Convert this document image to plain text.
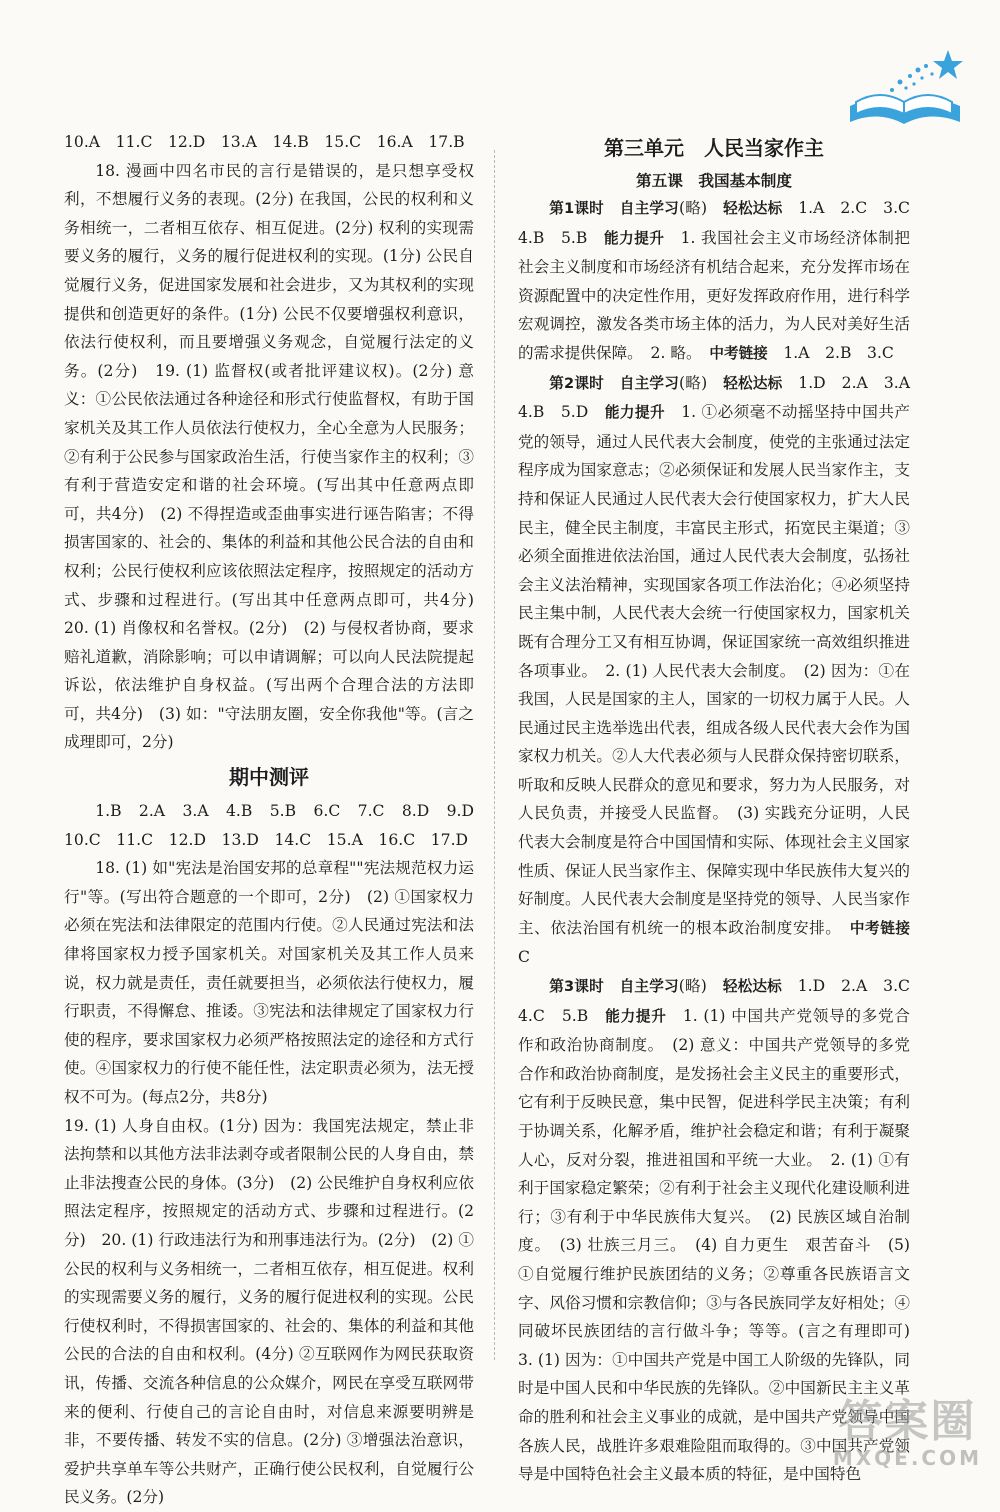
10.A　11.C　12.D　13.A　14.B　15.C　16.A　17.B

18. 漫画中四名市民的言行是错误的，是只想享受权利，不想履行义务的表现。(2分) 在我国，公民的权利和义务相统一，二者相互依存、相互促进。(2分) 权利的实现需要义务的履行，义务的履行促进权利的实现。(1分) 公民自觉履行义务，促进国家发展和社会进步，又为其权利的实现提供和创造更好的条件。(1分) 公民不仅要增强权利意识，依法行使权利，而且要增强义务观念，自觉履行法定的义务。(2分)　19. (1) 监督权(或者批评建议权)。(2分) 意义：①公民依法通过各种途径和形式行使监督权，有助于国家机关及其工作人员依法行使权力，全心全意为人民服务；②有利于公民参与国家政治生活，行使当家作主的权利；③有利于营造安定和谐的社会环境。(写出其中任意两点即可，共4分)　(2) 不得捏造或歪曲事实进行诬告陷害；不得损害国家的、社会的、集体的利益和其他公民合法的自由和权利；公民行使权利应该依照法定程序，按照规定的活动方式、步骤和过程进行。(写出其中任意两点即可，共4分)　20. (1) 肖像权和名誉权。(2分)　(2) 与侵权者协商，要求赔礼道歉，消除影响；可以申请调解；可以向人民法院提起诉讼，依法维护自身权益。(写出两个合理合法的方法即可，共4分)　(3) 如："守法朋友圈，安全你我他"等。(言之成理即可，2分)

期中测评

1.B　2.A　3.A　4.B　5.B　6.C　7.C　8.D　9.D　10.C　11.C　12.D　13.D　14.C　15.A　16.C　17.D

18. (1) 如"宪法是治国安邦的总章程""宪法规范权力运行"等。(写出符合题意的一个即可，2分)　(2) ①国家权力必须在宪法和法律限定的范围内行使。②人民通过宪法和法律将国家权力授予国家机关。对国家机关及其工作人员来说，权力就是责任，责任就要担当，必须依法行使权力，履行职责，不得懈怠、推诿。③宪法和法律规定了国家权力行使的程序，要求国家权力必须严格按照法定的途径和方式行使。④国家权力的行使不能任性，法定职责必须为，法无授权不可为。(每点2分，共8分)

19. (1) 人身自由权。(1分) 因为：我国宪法规定，禁止非法拘禁和以其他方法非法剥夺或者限制公民的人身自由，禁止非法搜查公民的身体。(3分)　(2) 公民维护自身权利应依照法定程序，按照规定的活动方式、步骤和过程进行。(2分)　20. (1) 行政违法行为和刑事违法行为。(2分)　(2) ①公民的权利与义务相统一，二者相互依存，相互促进。权利的实现需要义务的履行，义务的履行促进权利的实现。公民行使权利时，不得损害国家的、社会的、集体的利益和其他公民的合法的自由和权利。(4分) ②互联网作为网民获取资讯，传播、交流各种信息的公众媒介，网民在享受互联网带来的便利、行使自己的言论自由时，对信息来源要明辨是非，不要传播、转发不实的信息。(2分) ③增强法治意识，爱护共享单车等公共财产，正确行使公民权利，自觉履行公民义务。(2分)

第三单元　人民当家作主
第五课　我国基本制度

第1课时　 自主学习(略)　 轻松达标　 1.A　2.C　3.C　4.B　5.B　 能力提升　 1. 我国社会主义市场经济体制把社会主义制度和市场经济有机结合起来，充分发挥市场在资源配置中的决定性作用，更好发挥政府作用，进行科学宏观调控，激发各类市场主体的活力，为人民对美好生活的需求提供保障。　2. 略。　 中考链接　 1.A　2.B　3.C

第2课时　 自主学习(略)　 轻松达标　 1.D　2.A　3.A　4.B　5.D　 能力提升　 1. ①必须毫不动摇坚持中国共产党的领导，通过人民代表大会制度，使党的主张通过法定程序成为国家意志；②必须保证和发展人民当家作主，支持和保证人民通过人民代表大会行使国家权力，扩大人民民主，健全民主制度，丰富民主形式，拓宽民主渠道；③必须全面推进依法治国，通过人民代表大会制度，弘扬社会主义法治精神，实现国家各项工作法治化；④必须坚持民主集中制，人民代表大会统一行使国家权力，国家机关既有合理分工又有相互协调，保证国家统一高效组织推进各项事业。　2. (1) 人民代表大会制度。　(2) 因为：①在我国，人民是国家的主人，国家的一切权力属于人民。人民通过民主选举选出代表，组成各级人民代表大会作为国家权力机关。②人大代表必须与人民群众保持密切联系，听取和反映人民群众的意见和要求，努力为人民服务，对人民负责，并接受人民监督。　(3) 实践充分证明，人民代表大会制度是符合中国国情和实际、体现社会主义国家性质、保证人民当家作主、保障实现中华民族伟大复兴的好制度。人民代表大会制度是坚持党的领导、人民当家作主、依法治国有机统一的根本政治制度安排。　 中考链接　C

第3课时　 自主学习(略)　 轻松达标　 1.D　2.A　3.C　4.C　5.B　 能力提升　 1. (1) 中国共产党领导的多党合作和政治协商制度。　(2) 意义：中国共产党领导的多党合作和政治协商制度，是发扬社会主义民主的重要形式，它有利于反映民意，集中民智，促进科学民主决策；有利于协调关系，化解矛盾，维护社会稳定和谐；有利于凝聚人心，反对分裂，推进祖国和平统一大业。　2. (1) ①有利于国家稳定繁荣；②有利于社会主义现代化建设顺利进行；③有利于中华民族伟大复兴。　(2) 民族区域自治制度。　(3) 壮族三月三。　(4) 自力更生　艰苦奋斗　(5) ①自觉履行维护民族团结的义务；②尊重各民族语言文字、风俗习惯和宗教信仰；③与各民族同学友好相处；④同破坏民族团结的言行做斗争；等等。(言之有理即可)　3. (1) 因为：①中国共产党是中国工人阶级的先锋队，同时是中国人民和中华民族的先锋队。②中国新民主主义革命的胜利和社会主义事业的成就，是中国共产党领导中国各族人民，战胜许多艰难险阻而取得的。③中国共产党领导是中国特色社会主义最本质的特征，是中国特色

答案圈
MXQE.COM
